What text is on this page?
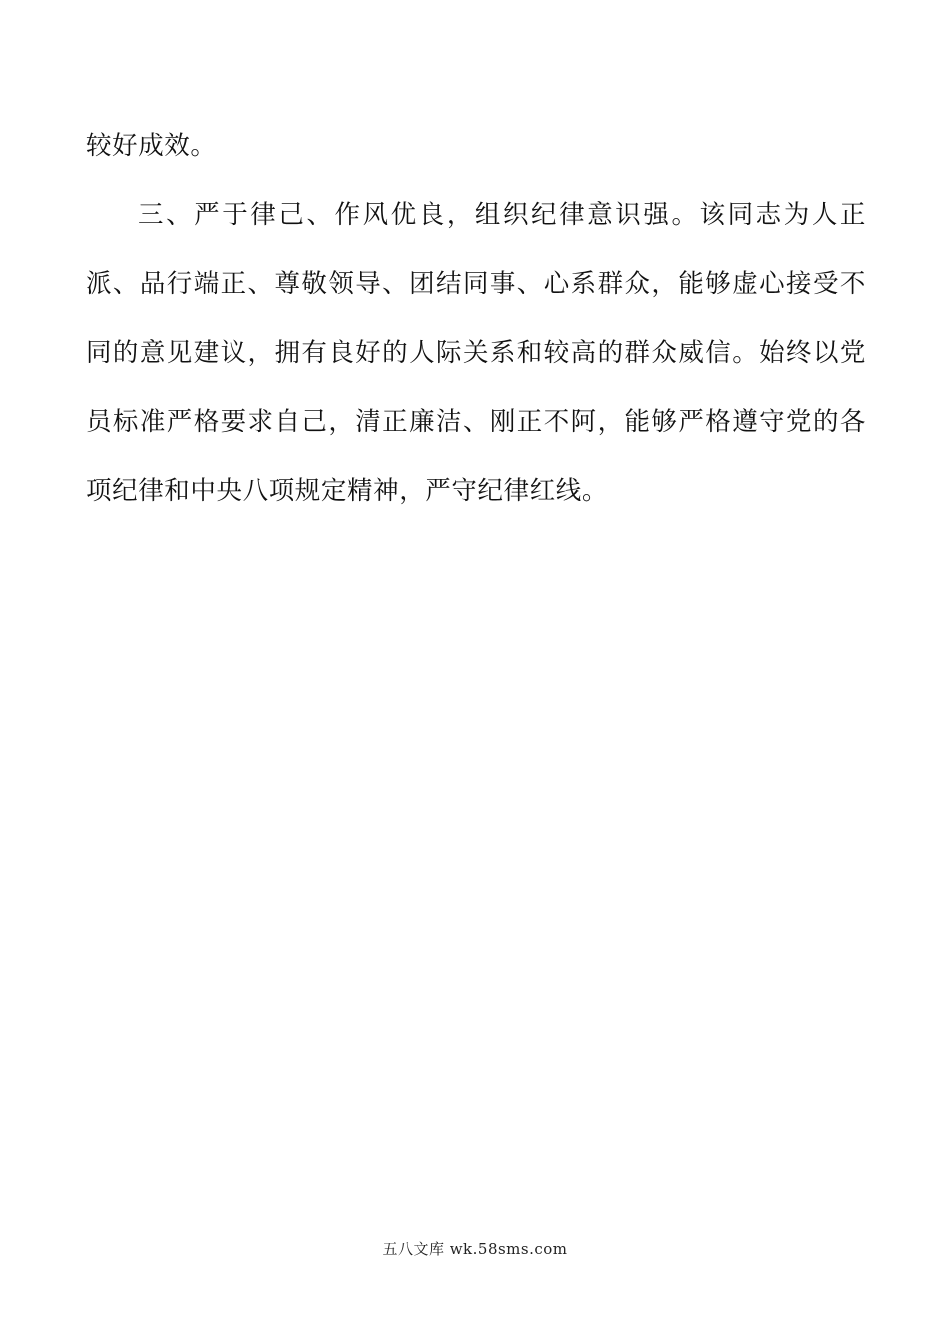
较好成效。

三、严于律己、作风优良，组织纪律意识强。该同志为人正派、品行端正、尊敬领导、团结同事、心系群众，能够虚心接受不同的意见建议，拥有良好的人际关系和较高的群众威信。始终以党员标准严格要求自己，清正廉洁、刚正不阿，能够严格遵守党的各项纪律和中央八项规定精神，严守纪律红线。

五八文库 wk.58sms.com
